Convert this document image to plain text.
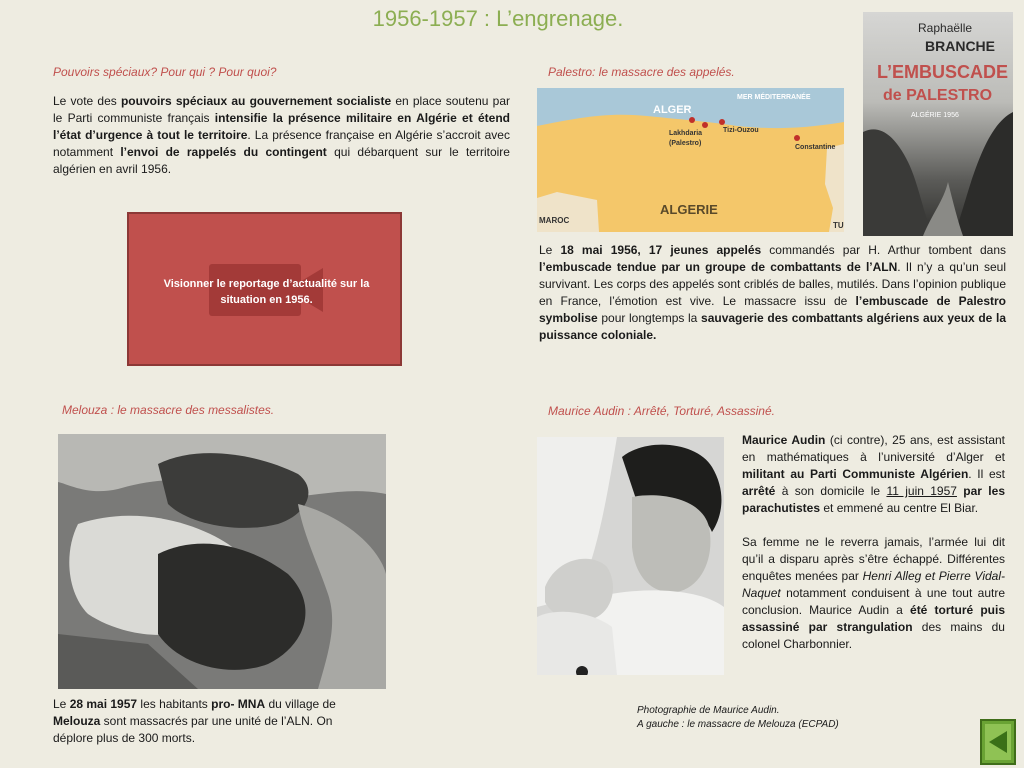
1956-1957 : L’engrenage.
Pouvoirs spéciaux? Pour qui ? Pour quoi?
Le vote des pouvoirs spéciaux au gouvernement socialiste en place soutenu par le Parti communiste français intensifie la présence militaire en Algérie et étend l’état d’urgence à tout le territoire. La présence française en Algérie s’accroit avec notamment l’envoi de rappelés du contingent qui débarquent sur le territoire algérien en avril 1956.
Visionner le reportage d’actualité sur la situation en 1956.
Palestro: le massacre des appelés.
MER MÉDITERRANÉE
ALGER
Lakhdaria
(Palestro)
Tizi-Ouzou
Constantine
ALGERIE
MAROC
TU
Le 18 mai 1956, 17 jeunes appelés commandés par H. Arthur tombent dans l’embuscade tendue par un groupe de combattants de l’ALN. Il n’y a qu’un seul survivant. Les corps des appelés sont criblés de balles, mutilés. Dans l’opinion publique en France, l’émotion est vive. Le massacre issu de l’embuscade de Palestro symbolise pour longtemps la sauvagerie des combattants algériens aux yeux de la puissance coloniale.
Raphaëlle
BRANCHE
L’EMBUSCADE
de PALESTRO
ALGÉRIE 1956
Melouza : le massacre des messalistes.
Le 28 mai 1957 les habitants pro- MNA du village de Melouza sont massacrés par une unité de l’ALN. On déplore plus de 300 morts.
Maurice Audin : Arrêté, Torturé, Assassiné.
Maurice Audin (ci contre), 25 ans, est assistant en mathématiques à l’université d’Alger et militant au Parti Communiste Algérien. Il est arrêté à son domicile le 11 juin 1957 par les parachutistes et emmené au centre El Biar.
Sa femme ne le reverra jamais, l’armée lui dit qu’il a disparu après s’être échappé. Différentes enquêtes menées par Henri Alleg et Pierre Vidal-Naquet notamment conduisent à une tout autre conclusion. Maurice Audin a été torturé puis assassiné par strangulation des mains du colonel Charbonnier.
Photographie de Maurice Audin.
A gauche : le massacre de Melouza (ECPAD)
